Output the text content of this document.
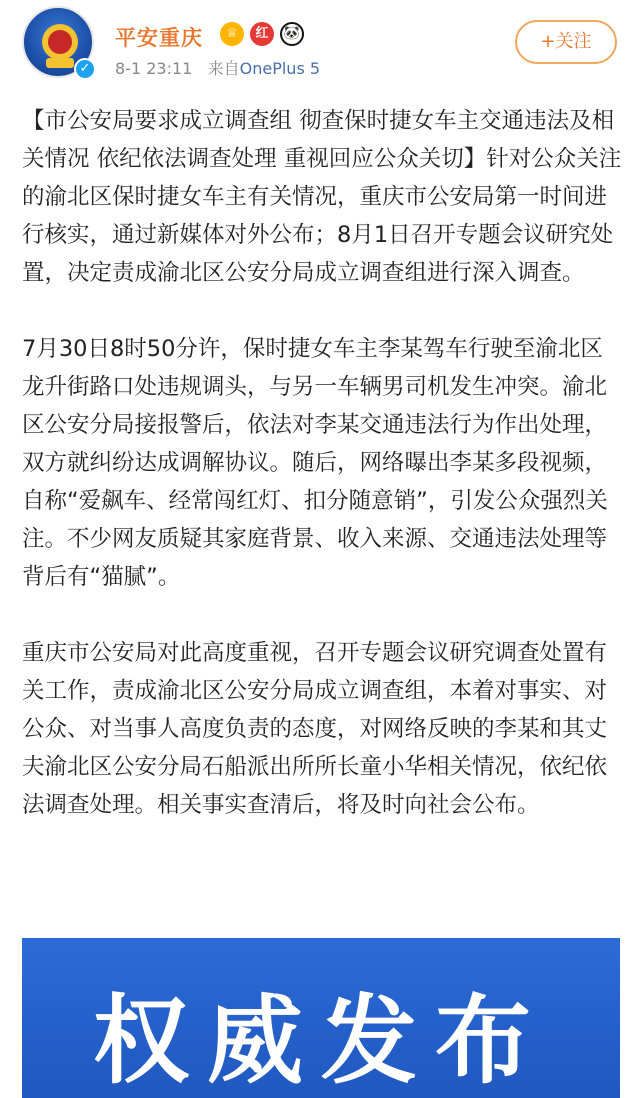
✓
平安重庆	♕	红	🐼
8-1 23:11 来自OnePlus 5
+关注

【市公安局要求成立调查组 彻查保时捷女车主交通违法及相关情况 依纪依法调查处理 重视回应公众关切】针对公众关注的渝北区保时捷女车主有关情况，重庆市公安局第一时间进行核实，通过新媒体对外公布；8月1日召开专题会议研究处置，决定责成渝北区公安分局成立调查组进行深入调查。

7月30日8时50分许，保时捷女车主李某驾车行驶至渝北区龙升街路口处违规调头，与另一车辆男司机发生冲突。渝北区公安分局接报警后，依法对李某交通违法行为作出处理，双方就纠纷达成调解协议。随后，网络曝出李某多段视频，自称“爱飙车、经常闯红灯、扣分随意销”，引发公众强烈关注。不少网友质疑其家庭背景、收入来源、交通违法处理等背后有“猫腻”。

重庆市公安局对此高度重视，召开专题会议研究调查处置有关工作，责成渝北区公安分局成立调查组，本着对事实、对公众、对当事人高度负责的态度，对网络反映的李某和其丈夫渝北区公安分局石船派出所所长童小华相关情况，依纪依法调查处理。相关事实查清后，将及时向社会公布。

权威发布
